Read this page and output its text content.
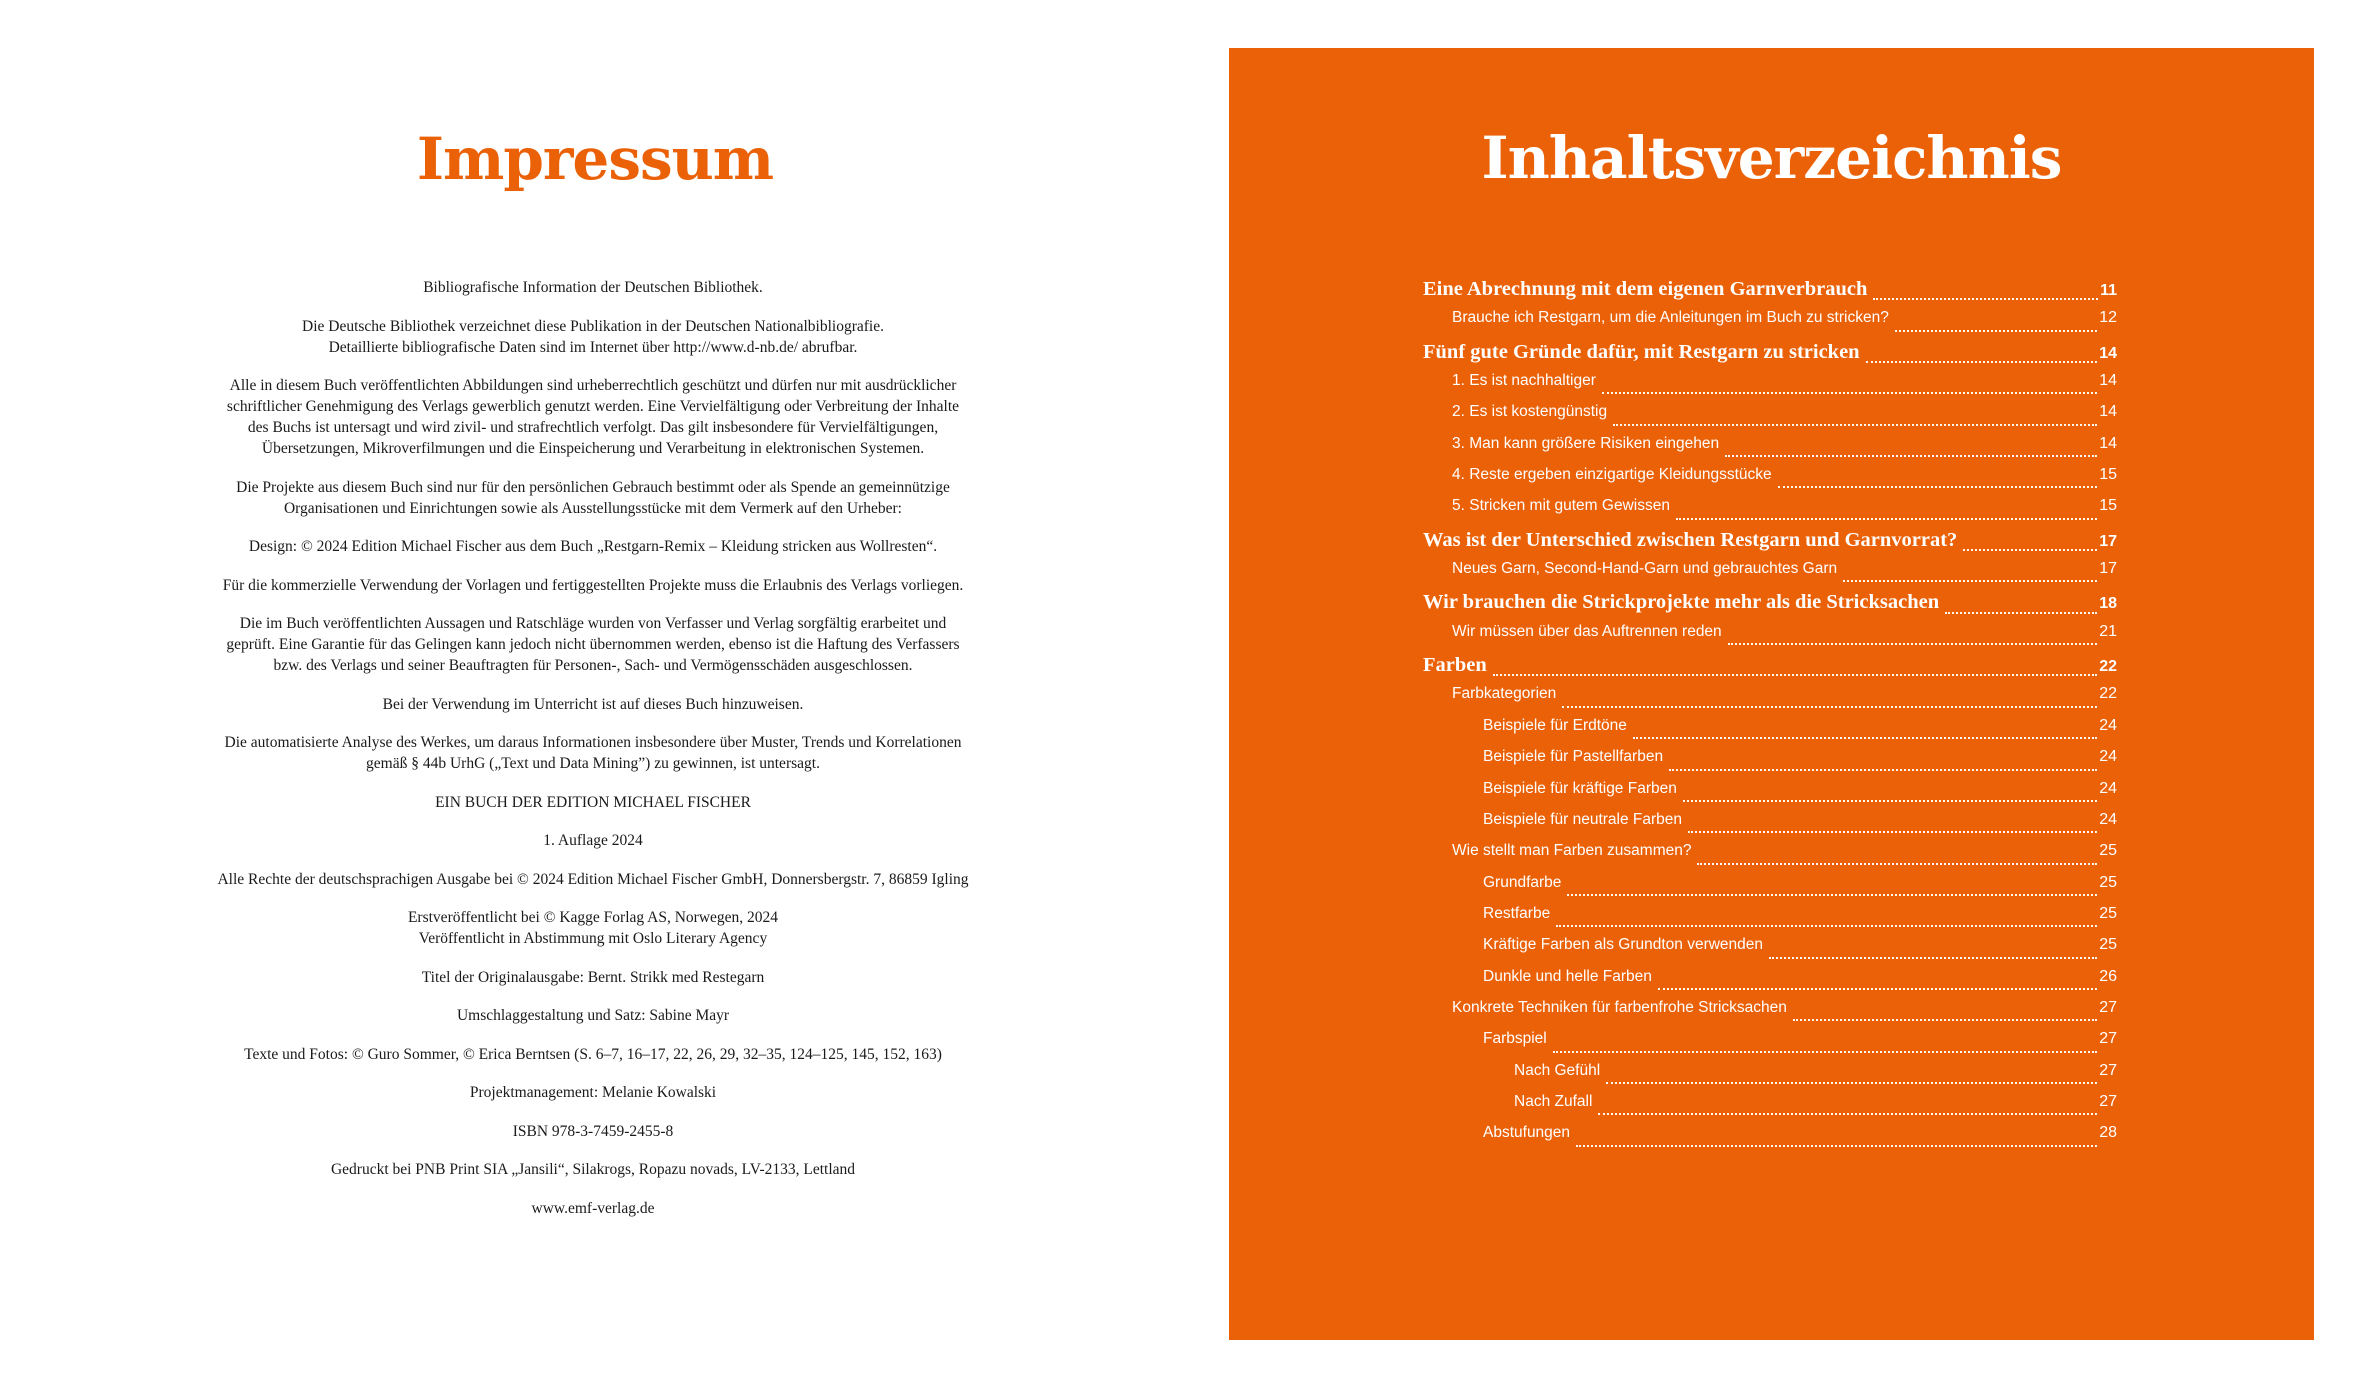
Impressum

Bibliografische Information der Deutschen Bibliothek.

Die Deutsche Bibliothek verzeichnet diese Publikation in der Deutschen Nationalbibliografie.
Detaillierte bibliografische Daten sind im Internet über http://www.d-nb.de/ abrufbar.

Alle in diesem Buch veröffentlichten Abbildungen sind urheberrechtlich geschützt und dürfen nur mit ausdrücklicher
schriftlicher Genehmigung des Verlags gewerblich genutzt werden. Eine Vervielfältigung oder Verbreitung der Inhalte
des Buchs ist untersagt und wird zivil- und strafrechtlich verfolgt. Das gilt insbesondere für Vervielfältigungen,
Übersetzungen, Mikroverfilmungen und die Einspeicherung und Verarbeitung in elektronischen Systemen.

Die Projekte aus diesem Buch sind nur für den persönlichen Gebrauch bestimmt oder als Spende an gemeinnützige
Organisationen und Einrichtungen sowie als Ausstellungsstücke mit dem Vermerk auf den Urheber:

Design: © 2024 Edition Michael Fischer aus dem Buch „Restgarn-Remix – Kleidung stricken aus Wollresten“.

Für die kommerzielle Verwendung der Vorlagen und fertiggestellten Projekte muss die Erlaubnis des Verlags vorliegen.

Die im Buch veröffentlichten Aussagen und Ratschläge wurden von Verfasser und Verlag sorgfältig erarbeitet und
geprüft. Eine Garantie für das Gelingen kann jedoch nicht übernommen werden, ebenso ist die Haftung des Verfassers
bzw. des Verlags und seiner Beauftragten für Personen-, Sach- und Vermögensschäden ausgeschlossen.

Bei der Verwendung im Unterricht ist auf dieses Buch hinzuweisen.

Die automatisierte Analyse des Werkes, um daraus Informationen insbesondere über Muster, Trends und Korrelationen
gemäß § 44b UrhG („Text und Data Mining”) zu gewinnen, ist untersagt.

EIN BUCH DER EDITION MICHAEL FISCHER

1. Auflage 2024

Alle Rechte der deutschsprachigen Ausgabe bei © 2024 Edition Michael Fischer GmbH, Donnersbergstr. 7, 86859 Igling

Erstveröffentlicht bei © Kagge Forlag AS, Norwegen, 2024
Veröffentlicht in Abstimmung mit Oslo Literary Agency

Titel der Originalausgabe: Bernt. Strikk med Restegarn

Umschlaggestaltung und Satz: Sabine Mayr

Texte und Fotos: © Guro Sommer, © Erica Berntsen (S. 6–7, 16–17, 22, 26, 29, 32–35, 124–125, 145, 152, 163)

Projektmanagement: Melanie Kowalski

ISBN 978-3-7459-2455-8

Gedruckt bei PNB Print SIA „Jansili“, Silakrogs, Ropazu novads, LV-2133, Lettland

www.emf-verlag.de

Inhaltsverzeichnis
Eine Abrechnung mit dem eigenen Garnverbrauch	11
Brauche ich Restgarn, um die Anleitungen im Buch zu stricken?	12
Fünf gute Gründe dafür, mit Restgarn zu stricken	14
1. Es ist nachhaltiger	14
2. Es ist kostengünstig	14
3. Man kann größere Risiken eingehen	14
4. Reste ergeben einzigartige Kleidungsstücke	15
5. Stricken mit gutem Gewissen	15
Was ist der Unterschied zwischen Restgarn und Garnvorrat?	17
Neues Garn, Second-Hand-Garn und gebrauchtes Garn	17
Wir brauchen die Strickprojekte mehr als die Stricksachen	18
Wir müssen über das Auftrennen reden	21
Farben	22
Farbkategorien	22
Beispiele für Erdtöne	24
Beispiele für Pastellfarben	24
Beispiele für kräftige Farben	24
Beispiele für neutrale Farben	24
Wie stellt man Farben zusammen?	25
Grundfarbe	25
Restfarbe	25
Kräftige Farben als Grundton verwenden	25
Dunkle und helle Farben	26
Konkrete Techniken für farbenfrohe Stricksachen	27
Farbspiel	27
Nach Gefühl	27
Nach Zufall	27
Abstufungen	28
